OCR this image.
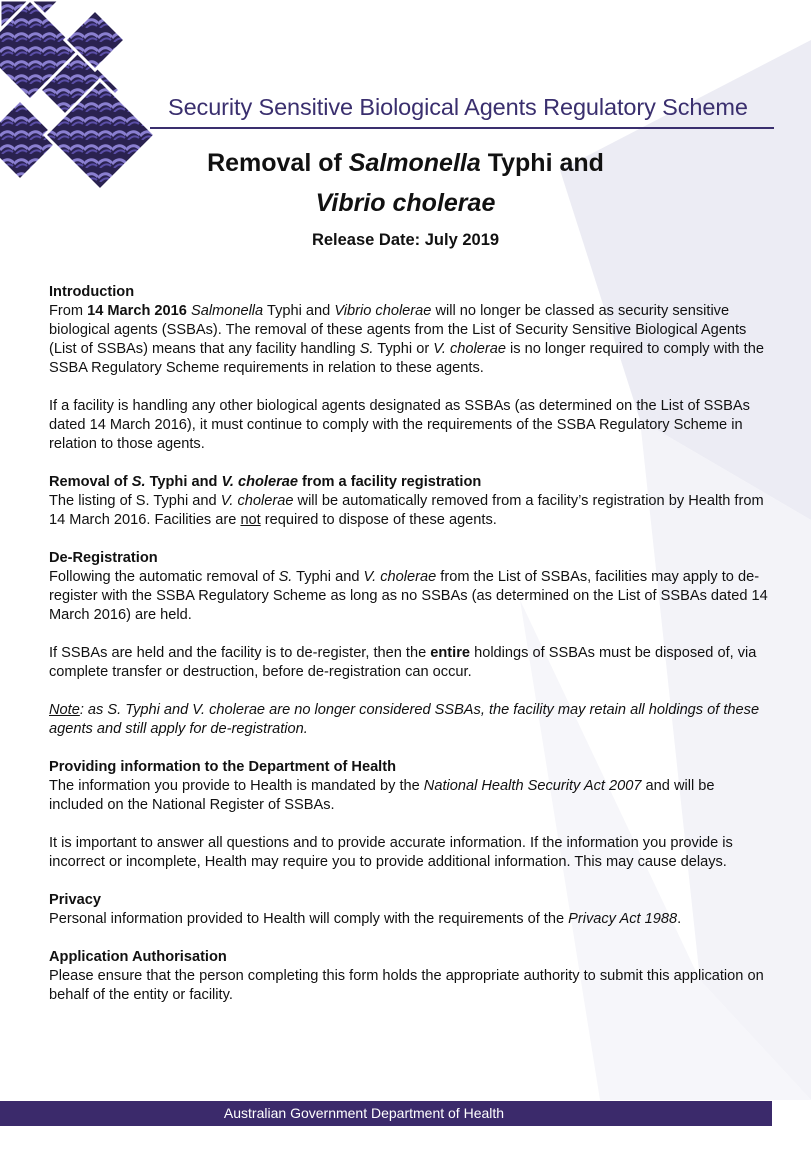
Security Sensitive Biological Agents Regulatory Scheme
Removal of Salmonella Typhi and
Vibrio cholerae
Release Date: July 2019
Introduction

From 14 March 2016 Salmonella Typhi and Vibrio cholerae will no longer be classed as security sensitive biological agents (SSBAs). The removal of these agents from the List of Security Sensitive Biological Agents (List of SSBAs) means that any facility handling S. Typhi or V. cholerae is no longer required to comply with the SSBA Regulatory Scheme requirements in relation to these agents.

If a facility is handling any other biological agents designated as SSBAs (as determined on the List of SSBAs dated 14 March 2016), it must continue to comply with the requirements of the SSBA Regulatory Scheme in relation to those agents.

Removal of S. Typhi and V. cholerae from a facility registration

The listing of S. Typhi and V. cholerae will be automatically removed from a facility’s registration by Health from 14 March 2016. Facilities are not required to dispose of these agents.

De-Registration

Following the automatic removal of S. Typhi and V. cholerae from the List of SSBAs, facilities may apply to de-register with the SSBA Regulatory Scheme as long as no SSBAs (as determined on the List of SSBAs dated 14 March 2016) are held.

If SSBAs are held and the facility is to de-register, then the entire holdings of SSBAs must be disposed of, via complete transfer or destruction, before de-registration can occur.

Note: as S. Typhi and V. cholerae are no longer considered SSBAs, the facility may retain all holdings of these agents and still apply for de-registration.

Providing information to the Department of Health

The information you provide to Health is mandated by the National Health Security Act 2007 and will be included on the National Register of SSBAs.

It is important to answer all questions and to provide accurate information. If the information you provide is incorrect or incomplete, Health may require you to provide additional information. This may cause delays.

Privacy

Personal information provided to Health will comply with the requirements of the Privacy Act 1988.

Application Authorisation

Please ensure that the person completing this form holds the appropriate authority to submit this application on behalf of the entity or facility.

Australian Government Department of Health
